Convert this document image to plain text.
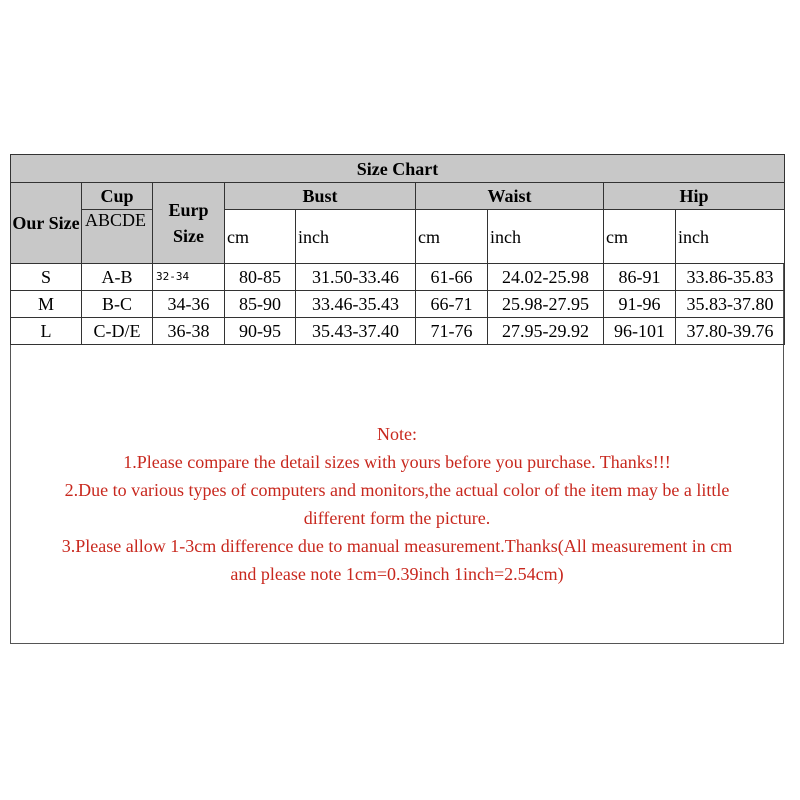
Size Chart								
Our Size	Cup	Eurp Size	Bust		Waist		Hip	
	ABCDE		cm	inch	cm	inch	cm	inch
S	A-B	32-34	80-85	31.50-33.46	61-66	24.02-25.98	86-91	33.86-35.83
M	B-C	34-36	85-90	33.46-35.43	66-71	25.98-27.95	91-96	35.83-37.80
L	C-D/E	36-38	90-95	35.43-37.40	71-76	27.95-29.92	96-101	37.80-39.76
Note:
1.Please compare the detail sizes with yours before you purchase. Thanks!!!
2.Due to various types of computers and monitors,the actual color of the item may be a little
different form the picture.
3.Please allow 1-3cm difference due to manual measurement.Thanks(All measurement in cm
and please note 1cm=0.39inch 1inch=2.54cm)
